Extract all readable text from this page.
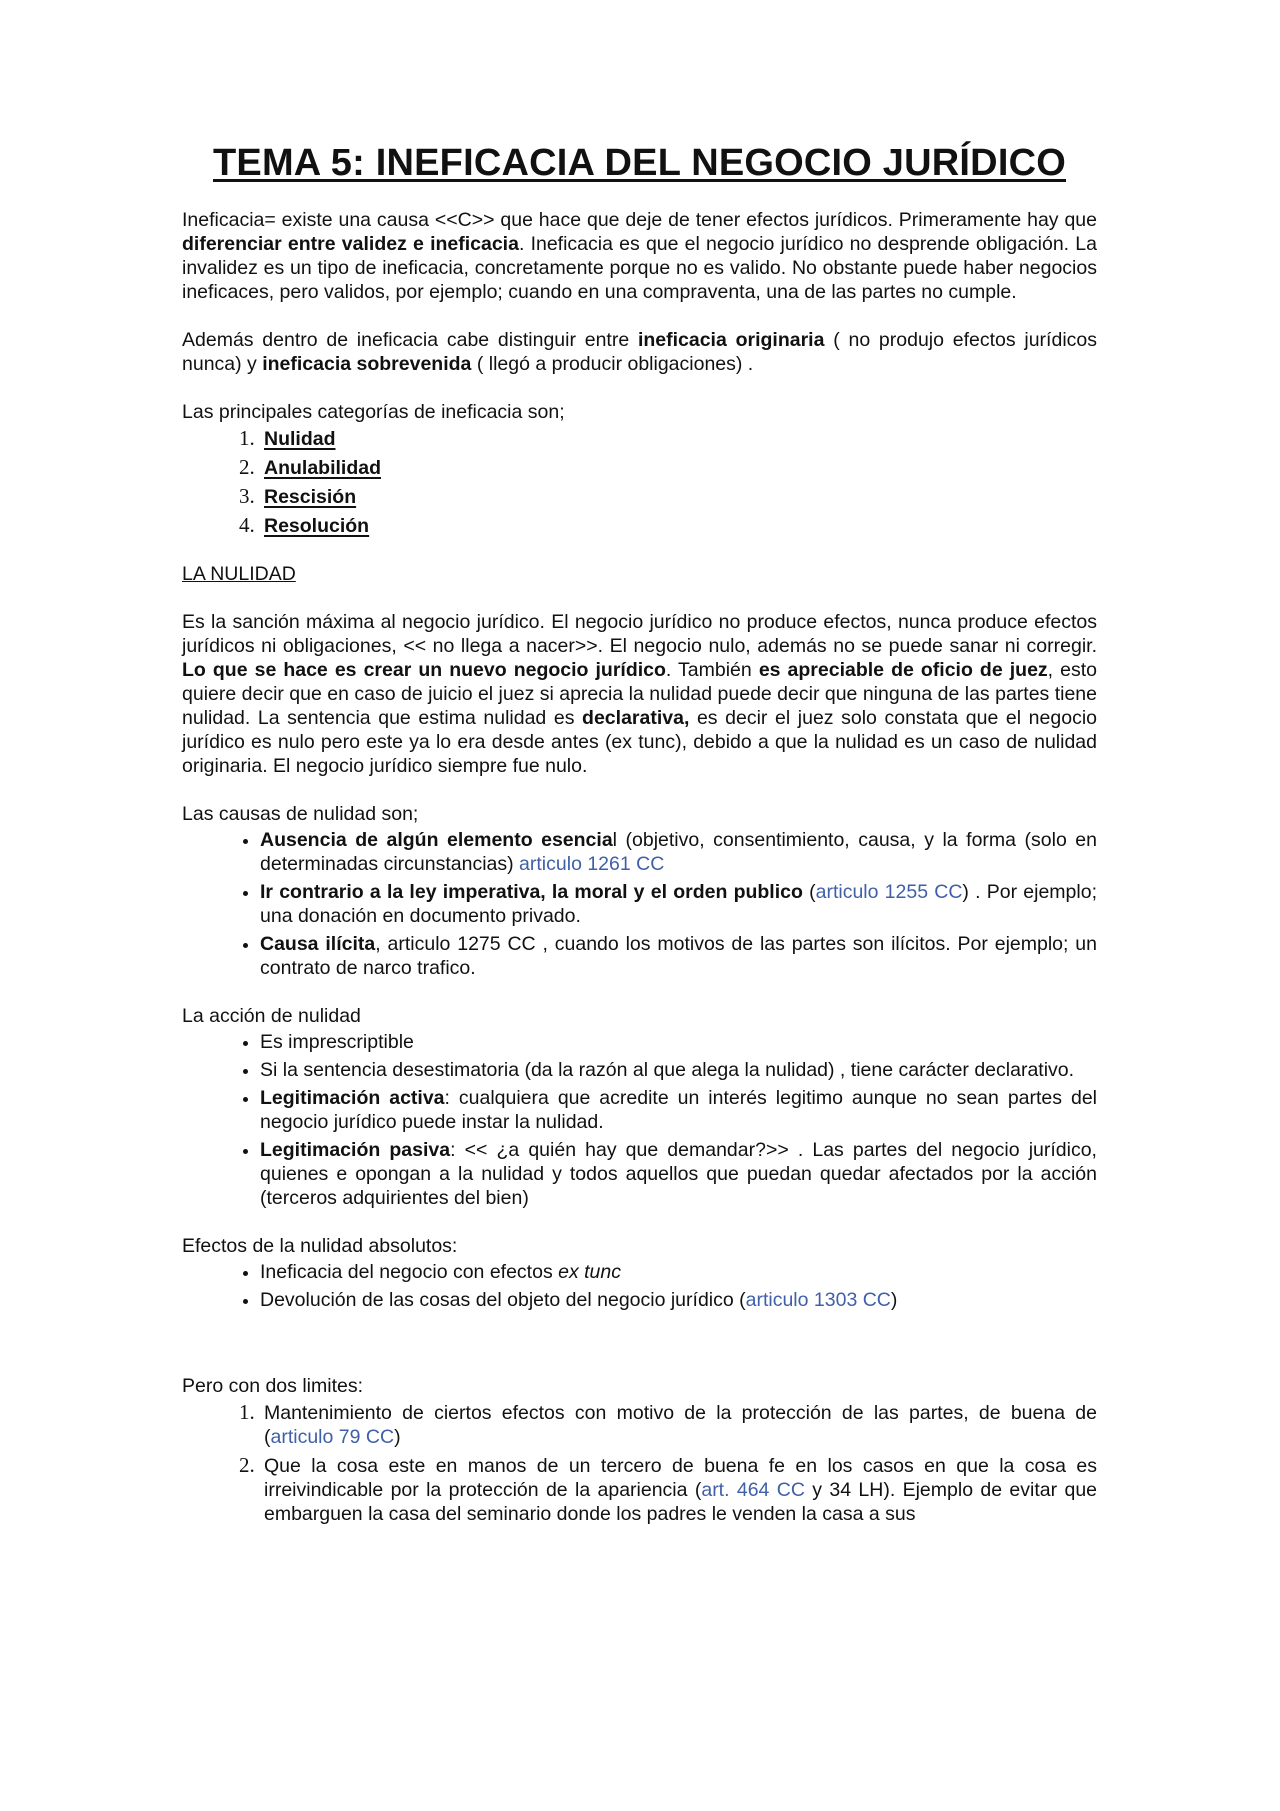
TEMA 5: INEFICACIA DEL NEGOCIO JURÍDICO

Ineficacia= existe una causa <<C>> que hace que deje de tener efectos jurídicos. Primeramente hay que diferenciar entre validez e ineficacia. Ineficacia es que el negocio jurídico no desprende obligación. La invalidez es un tipo de ineficacia, concretamente porque no es valido. No obstante puede haber negocios ineficaces, pero validos, por ejemplo; cuando en una compraventa, una de las partes no cumple.

Además dentro de ineficacia cabe distinguir entre ineficacia originaria ( no produjo efectos jurídicos nunca) y ineficacia sobrevenida ( llegó a producir obligaciones) .

Las principales categorías de ineficacia son;

1. Nulidad
2. Anulabilidad
3. Rescisión
4. Resolución

LA NULIDAD

Es la sanción máxima al negocio jurídico. El negocio jurídico no produce efectos, nunca produce efectos jurídicos ni obligaciones, << no llega a nacer>>. El negocio nulo, además no se puede sanar ni corregir. Lo que se hace es crear un nuevo negocio jurídico. También es apreciable de oficio de juez, esto quiere decir que en caso de juicio el juez si aprecia la nulidad puede decir que ninguna de las partes tiene nulidad. La sentencia que estima nulidad es declarativa, es decir el juez solo constata que el negocio jurídico es nulo pero este ya lo era desde antes (ex tunc), debido a que la nulidad es un caso de nulidad originaria. El negocio jurídico siempre fue nulo.

Las causas de nulidad son;

• Ausencia de algún elemento esencial (objetivo, consentimiento, causa, y la forma (solo en determinadas circunstancias) articulo 1261 CC
• Ir contrario a la ley imperativa, la moral y el orden publico (articulo 1255 CC) . Por ejemplo; una donación en documento privado.
• Causa ilícita, articulo 1275 CC , cuando los motivos de las partes son ilícitos. Por ejemplo; un contrato de narco trafico.

La acción de nulidad

• Es imprescriptible
• Si la sentencia desestimatoria (da la razón al que alega la nulidad) , tiene carácter declarativo.
• Legitimación activa: cualquiera que acredite un interés legitimo aunque no sean partes del negocio jurídico puede instar la nulidad.
• Legitimación pasiva: << ¿a quién hay que demandar?>> . Las partes del negocio jurídico, quienes e opongan a la nulidad y todos aquellos que puedan quedar afectados por la acción (terceros adquirientes del bien)

Efectos de la nulidad absolutos:

• Ineficacia del negocio con efectos ex tunc
• Devolución de las cosas del objeto del negocio jurídico (articulo 1303 CC)

Pero con dos limites:

1. Mantenimiento de ciertos efectos con motivo de la protección de las partes, de buena de (articulo 79 CC)
2. Que la cosa este en manos de un tercero de buena fe en los casos en que la cosa es irreivindicable por la protección de la apariencia (art. 464 CC y 34 LH). Ejemplo de evitar que embarguen la casa del seminario donde los padres le venden la casa a sus
